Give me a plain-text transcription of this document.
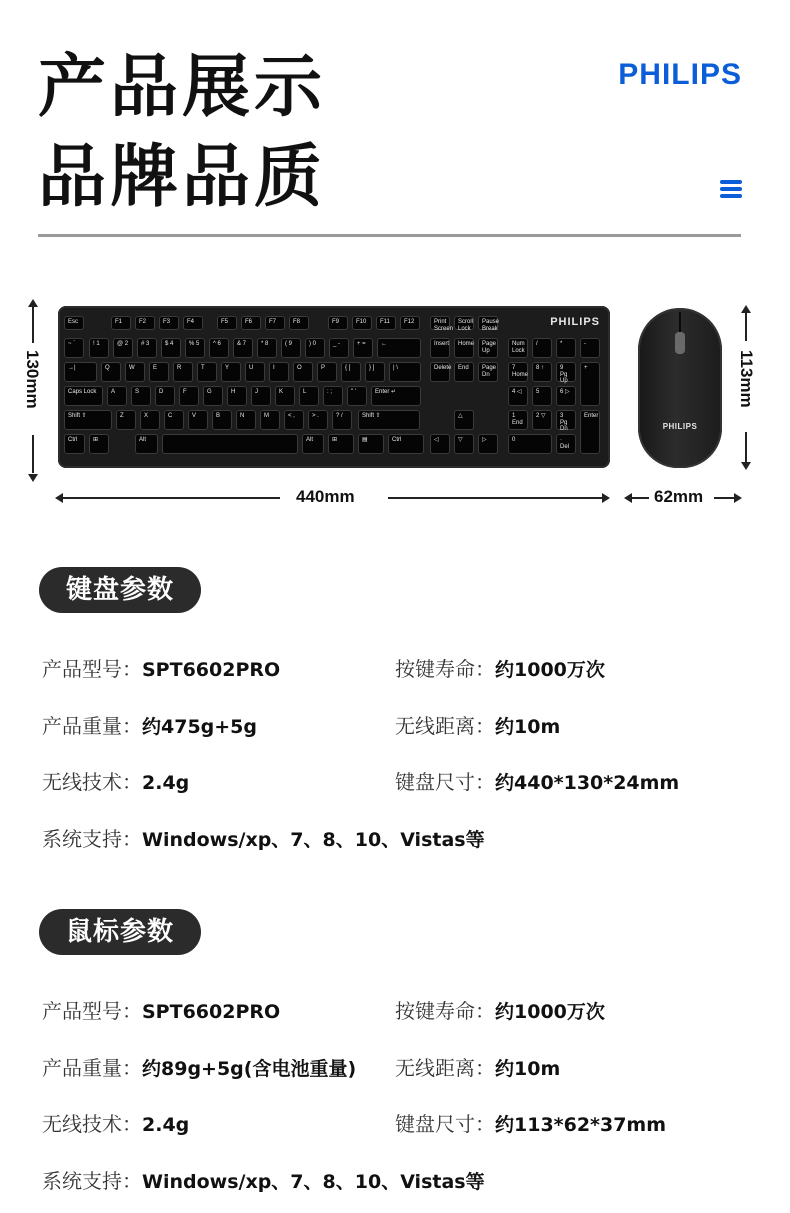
产品展示
品牌品质
PHILIPS
PHILIPS
Esc	F1	F2	F3	F4	F5	F6	F7	F8	F9	F10	F11	F12	Print Screen
Scroll Lock
Pause Break
~ `	! 1	@ 2	# 3	$ 4	% 5	^ 6	& 7	* 8	( 9	) 0	_ -	+ =	←	Insert	Home	Page Up
Num Lock
/	*	-
→|	Q	W	E	R	T	Y	U	I	O	P	{ [	} ]	| \	Delete	End	Page Dn
7 Home
8 ↑	9 Pg Up
+
Caps Lock	A	S	D	F	G	H	J	K	L	: ;	" '	Enter ↵	4 ◁	5	6 ▷
Shift ⇧	Z	X	C	V	B	N	M	< ,	> .	? /	Shift ⇧	△	1 End
2 ▽	3 Pg Dn
Enter
Ctrl	⊞	Alt	Alt	⊞	▤	Ctrl	◁	▽	▷	0	· Del
PHILIPS
130mm	113mm
440mm	62mm
键盘参数
产品型号：SPT6602PRO	按键寿命：约1000万次
产品重量：约475g+5g	无线距离：约10m
无线技术：2.4g	键盘尺寸：约440*130*24mm
系统支持：Windows/xp、7、8、10、Vistas等
鼠标参数
产品型号：SPT6602PRO	按键寿命：约1000万次
产品重量：约89g+5g(含电池重量) 无线距离：约10m
无线技术：2.4g	键盘尺寸：约113*62*37mm
系统支持：Windows/xp、7、8、10、Vistas等
